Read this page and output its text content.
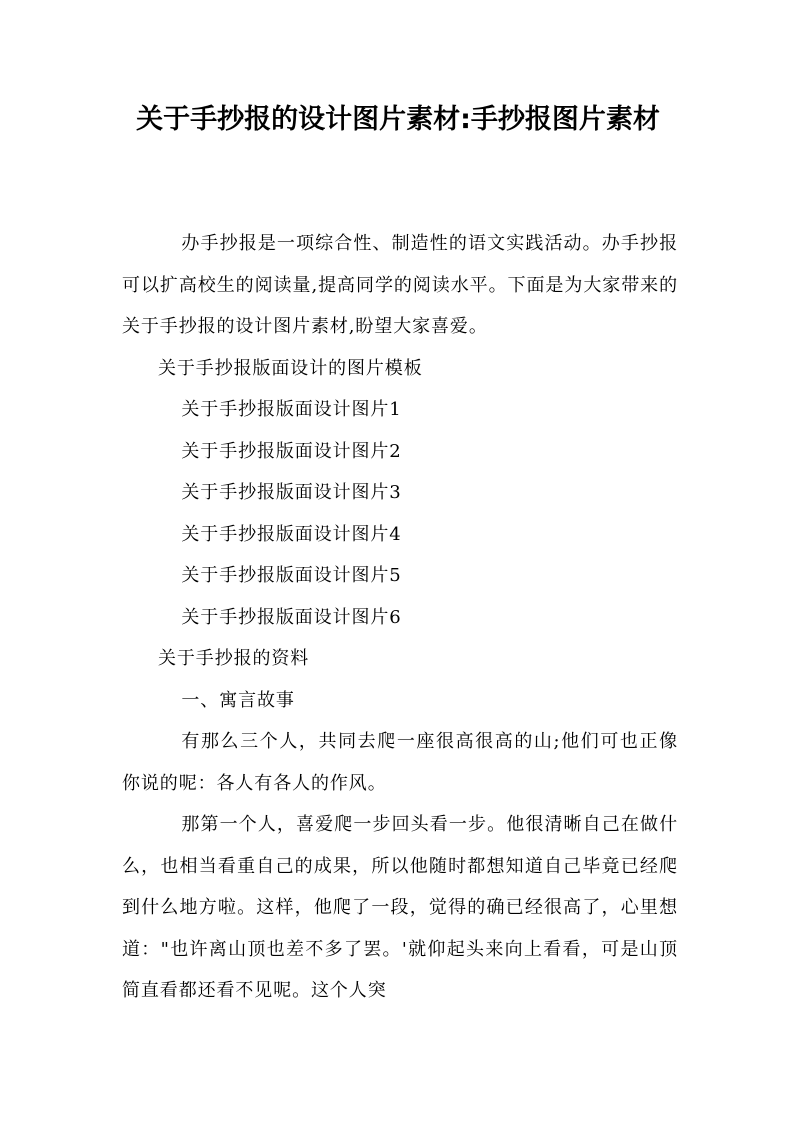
关于手抄报的设计图片素材:手抄报图片素材

办手抄报是一项综合性、制造性的语文实践活动。办手抄报可以扩高校生的阅读量,提高同学的阅读水平。下面是为大家带来的关于手抄报的设计图片素材,盼望大家喜爱。

关于手抄报版面设计的图片模板

关于手抄报版面设计图片1

关于手抄报版面设计图片2

关于手抄报版面设计图片3

关于手抄报版面设计图片4

关于手抄报版面设计图片5

关于手抄报版面设计图片6

关于手抄报的资料

一、寓言故事

有那么三个人，共同去爬一座很高很高的山;他们可也正像你说的呢：各人有各人的作风。

那第一个人，喜爱爬一步回头看一步。他很清晰自己在做什么，也相当看重自己的成果，所以他随时都想知道自己毕竟已经爬到什么地方啦。这样，他爬了一段，觉得的确已经很高了，心里想道："也许离山顶也差不多了罢。'就仰起头来向上看看，可是山顶简直看都还看不见呢。这个人突
